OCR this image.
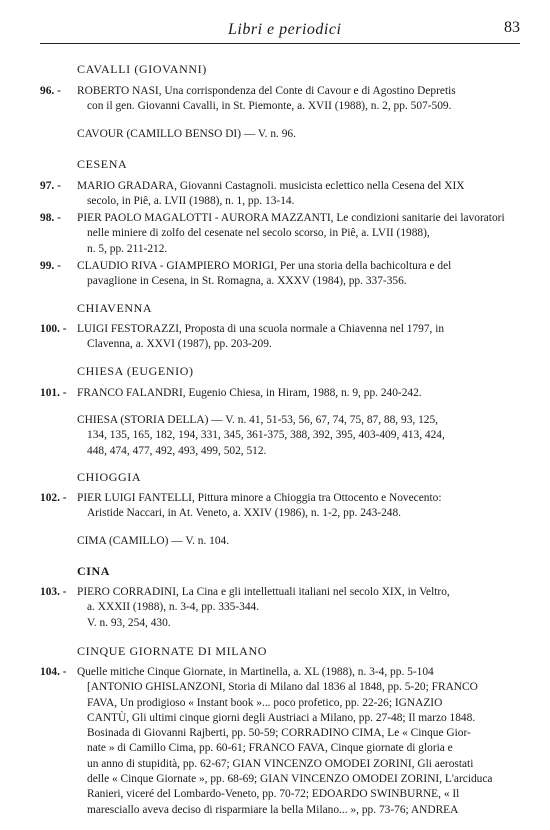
Libri e periodici	83
CAVALLI (GIOVANNI)
96. - ROBERTO NASI, Una corrispondenza del Conte di Cavour e di Agostino Depretis
con il gen. Giovanni Cavalli, in St. Piemonte, a. XVII (1988), n. 2, pp. 507-509.
CAVOUR (CAMILLO BENSO DI) — V. n. 96.
CESENA
97. - MARIO GRADARA, Giovanni Castagnoli. musicista eclettico nella Cesena del XIX
secolo, in Piê, a. LVII (1988), n. 1, pp. 13-14.
98. - PIER PAOLO MAGALOTTI - AURORA MAZZANTI, Le condizioni sanitarie dei lavoratori
nelle miniere di zolfo del cesenate nel secolo scorso, in Piê, a. LVII (1988),
n. 5, pp. 211-212.
99. - CLAUDIO RIVA - GIAMPIERO MORIGI, Per una storia della bachicoltura e del
pavaglione in Cesena, in St. Romagna, a. XXXV (1984), pp. 337-356.
CHIAVENNA
100. - LUIGI FESTORAZZI, Proposta di una scuola normale a Chiavenna nel 1797, in
Clavenna, a. XXVI (1987), pp. 203-209.
CHIESA (EUGENIO)
101. - FRANCO FALANDRI, Eugenio Chiesa, in Hiram, 1988, n. 9, pp. 240-242.
CHIESA (STORIA DELLA) — V. n. 41, 51-53, 56, 67, 74, 75, 87, 88, 93, 125,
134, 135, 165, 182, 194, 331, 345, 361-375, 388, 392, 395, 403-409, 413, 424,
448, 474, 477, 492, 493, 499, 502, 512.
CHIOGGIA
102. - PIER LUIGI FANTELLI, Pittura minore a Chioggia tra Ottocento e Novecento:
Aristide Naccari, in At. Veneto, a. XXIV (1986), n. 1-2, pp. 243-248.
CIMA (CAMILLO) — V. n. 104.
CINA
103. - PIERO CORRADINI, La Cina e gli intellettuali italiani nel secolo XIX, in Veltro,
a. XXXII (1988), n. 3-4, pp. 335-344.
V. n. 93, 254, 430.
CINQUE GIORNATE DI MILANO
104. - Quelle mitiche Cinque Giornate, in Martinella, a. XL (1988), n. 3-4, pp. 5-104
[ANTONIO GHISLANZONI, Storia di Milano dal 1836 al 1848, pp. 5-20; FRANCO
FAVA, Un prodigioso « Instant book »... poco profetico, pp. 22-26; IGNAZIO
CANTÙ, Gli ultimi cinque giorni degli Austriaci a Milano, pp. 27-48; Il marzo 1848.
Bosinada di Giovanni Rajberti, pp. 50-59; CORRADINO CIMA, Le « Cinque Gior-
nate » di Camillo Cima, pp. 60-61; FRANCO FAVA, Cinque giornate di gloria e
un anno di stupidità, pp. 62-67; GIAN VINCENZO OMODEI ZORINI, Gli aerostati
delle « Cinque Giornate », pp. 68-69; GIAN VINCENZO OMODEI ZORINI, L'arciduca
Ranieri, viceré del Lombardo-Veneto, pp. 70-72; EDOARDO SWINBURNE, « Il
maresciallo aveva deciso di risparmiare la bella Milano... », pp. 73-76; ANDREA
